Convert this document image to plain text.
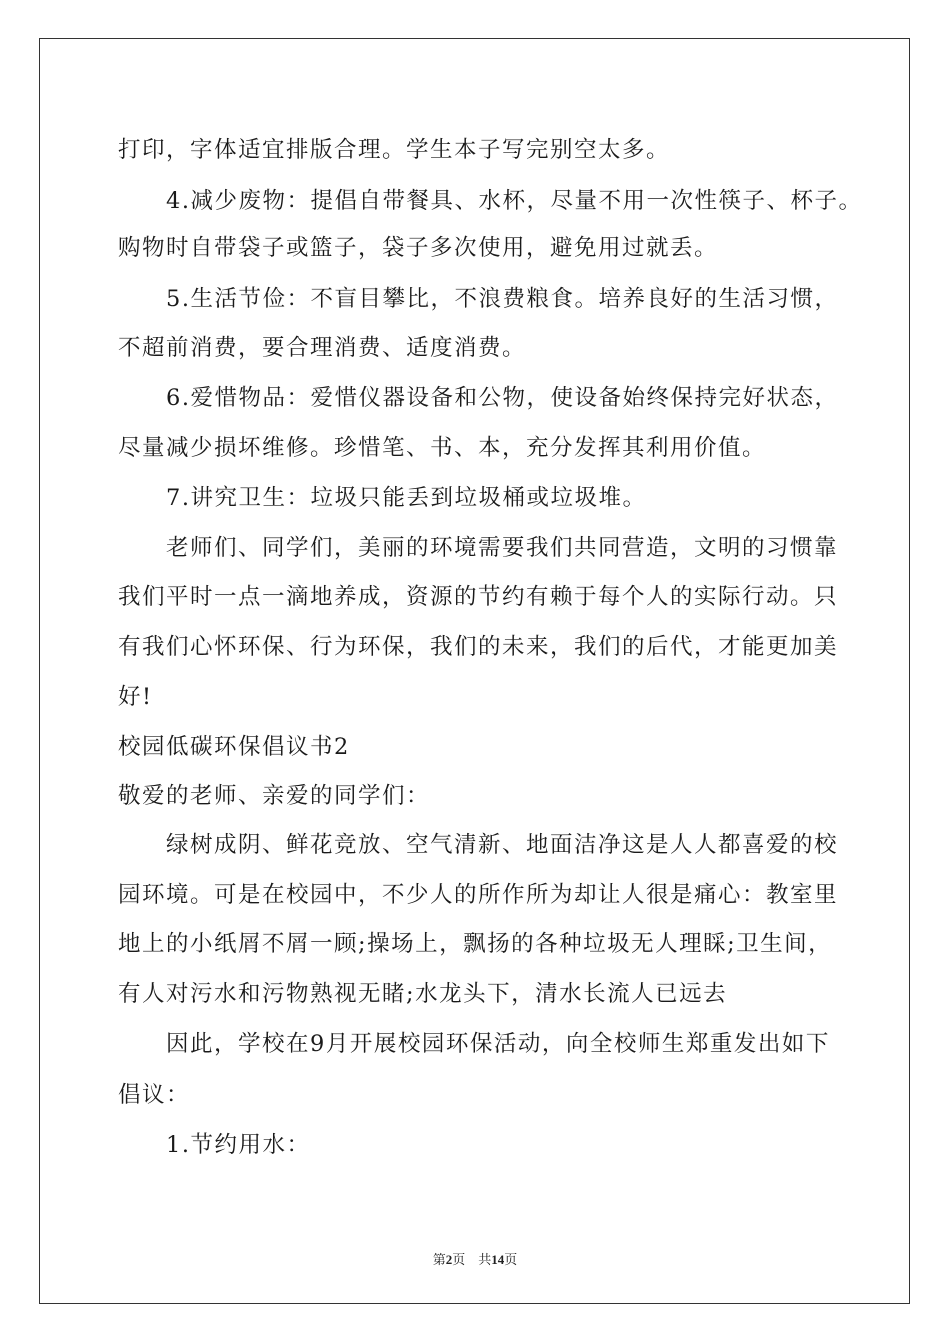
打印，字体适宜排版合理。学生本子写完别空太多。
4.减少废物：提倡自带餐具、水杯，尽量不用一次性筷子、杯子。
购物时自带袋子或篮子，袋子多次使用，避免用过就丢。
5.生活节俭：不盲目攀比，不浪费粮食。培养良好的生活习惯，
不超前消费，要合理消费、适度消费。
6.爱惜物品：爱惜仪器设备和公物，使设备始终保持完好状态，
尽量减少损坏维修。珍惜笔、书、本，充分发挥其利用价值。
7.讲究卫生：垃圾只能丢到垃圾桶或垃圾堆。
老师们、同学们，美丽的环境需要我们共同营造，文明的习惯靠
我们平时一点一滴地养成，资源的节约有赖于每个人的实际行动。只
有我们心怀环保、行为环保，我们的未来，我们的后代，才能更加美
好!
校园低碳环保倡议书2
敬爱的老师、亲爱的同学们：
绿树成阴、鲜花竞放、空气清新、地面洁净这是人人都喜爱的校
园环境。可是在校园中，不少人的所作所为却让人很是痛心：教室里
地上的小纸屑不屑一顾;操场上，飘扬的各种垃圾无人理睬;卫生间，
有人对污水和污物熟视无睹;水龙头下，清水长流人已远去
因此，学校在9月开展校园环保活动，向全校师生郑重发出如下
倡议：
1.节约用水：
第2页　共14页
